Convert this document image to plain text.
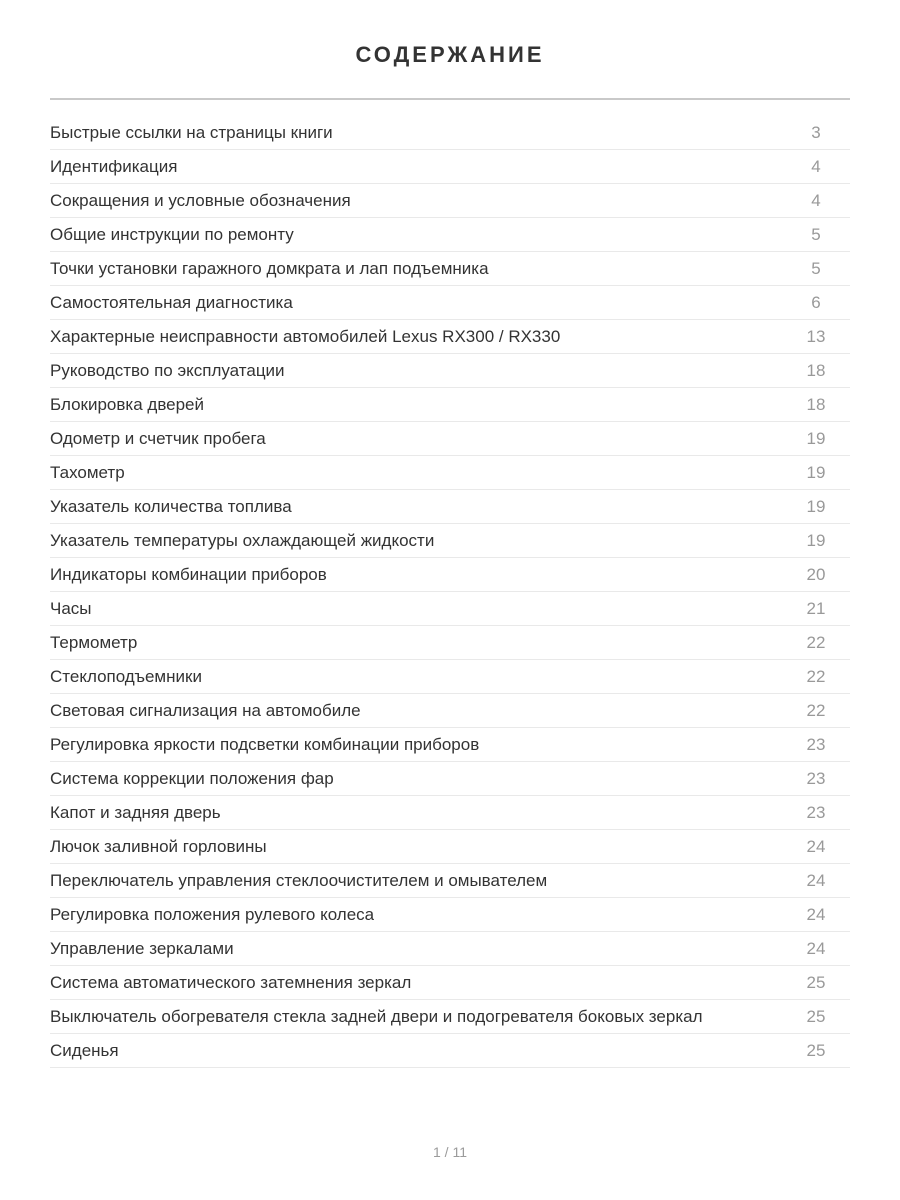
СОДЕРЖАНИЕ
Быстрые ссылки на страницы книги	3
Идентификация	4
Сокращения и условные обозначения	4
Общие инструкции по ремонту	5
Точки установки гаражного домкрата и лап подъемника	5
Самостоятельная диагностика	6
Характерные неисправности автомобилей Lexus RX300 / RX330	13
Руководство по эксплуатации	18
Блокировка дверей	18
Одометр и счетчик пробега	19
Тахометр	19
Указатель количества топлива	19
Указатель температуры охлаждающей жидкости	19
Индикаторы комбинации приборов	20
Часы	21
Термометр	22
Стеклоподъемники	22
Световая сигнализация на автомобиле	22
Регулировка яркости подсветки комбинации приборов	23
Система коррекции положения фар	23
Капот и задняя дверь	23
Лючок заливной горловины	24
Переключатель управления стеклоочистителем и омывателем	24
Регулировка положения рулевого колеса	24
Управление зеркалами	24
Система автоматического затемнения зеркал	25
Выключатель обогревателя стекла задней двери и подогревателя боковых зеркал	25
Сиденья	25
1 / 11
